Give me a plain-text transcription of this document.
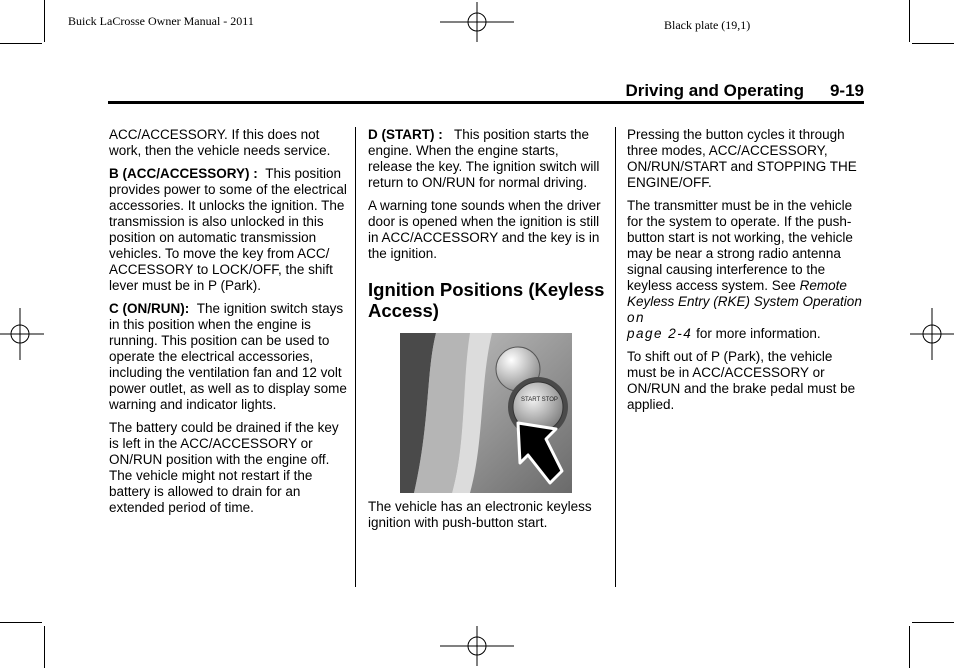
Buick LaCrosse Owner Manual - 2011	Black plate (19,1)
Driving and Operating 9-19

ACC/ACCESSORY. If this does not work, then the vehicle needs service.

B (ACC/ACCESSORY) : This position provides power to some of the electrical accessories. It unlocks the ignition. The transmission is also unlocked in this position on automatic transmission vehicles. To move the key from ACC/ ACCESSORY to LOCK/OFF, the shift lever must be in P (Park).

C (ON/RUN): The ignition switch stays in this position when the engine is running. This position can be used to operate the electrical accessories, including the ventilation fan and 12 volt power outlet, as well as to display some warning and indicator lights.

The battery could be drained if the key is left in the ACC/ACCESSORY or ON/RUN position with the engine off. The vehicle might not restart if the battery is allowed to drain for an extended period of time.

D (START) : This position starts the engine. When the engine starts, release the key. The ignition switch will return to ON/RUN for normal driving.

A warning tone sounds when the driver door is opened when the ignition is still in ACC/ACCESSORY and the key is in the ignition.

Ignition Positions (Keyless Access)
START STOP

The vehicle has an electronic keyless ignition with push-button start.

Pressing the button cycles it through three modes, ACC/ACCESSORY, ON/RUN/START and STOPPING THE ENGINE/OFF.

The transmitter must be in the vehicle for the system to operate. If the push-button start is not working, the vehicle may be near a strong radio antenna signal causing interference to the keyless access system. See Remote Keyless Entry (RKE) System Operation on
page 2-4 for more information.

To shift out of P (Park), the vehicle must be in ACC/ACCESSORY or ON/RUN and the brake pedal must be applied.
